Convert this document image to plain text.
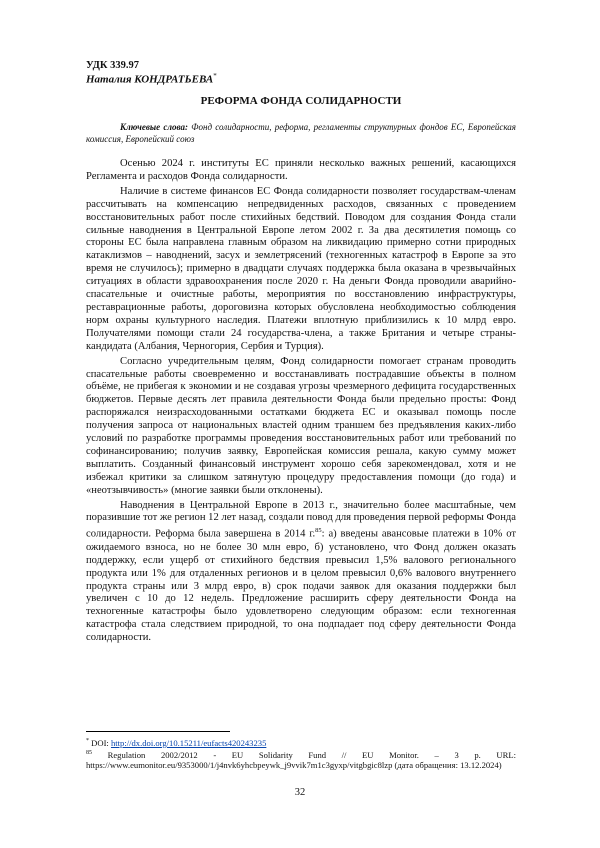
УДК 339.97
Наталия КОНДРАТЬЕВА*
РЕФОРМА ФОНДА СОЛИДАРНОСТИ
Ключевые слова: Фонд солидарности, реформа, регламенты структурных фондов ЕС, Европейская комиссия, Европейский союз

Осенью 2024 г. институты ЕС приняли несколько важных решений, касающихся Регламента и расходов Фонда солидарности.

Наличие в системе финансов ЕС Фонда солидарности позволяет государствам-членам рассчитывать на компенсацию непредвиденных расходов, связанных с проведением восстановительных работ после стихийных бедствий. Поводом для создания Фонда стали сильные наводнения в Центральной Европе летом 2002 г. За два десятилетия помощь со стороны ЕС была направлена главным образом на ликвидацию примерно сотни природных катаклизмов – наводнений, засух и землетрясений (техногенных катастроф в Европе за это время не случилось); примерно в двадцати случаях поддержка была оказана в чрезвычайных ситуациях в области здравоохранения после 2020 г. На деньги Фонда проводили аварийно-спасательные и очистные работы, мероприятия по восстановлению инфраструктуры, реставрационные работы, дороговизна которых обусловлена необходимостью соблюдения норм охраны культурного наследия. Платежи вплотную приблизились к 10 млрд евро. Получателями помощи стали 24 государства-члена, а также Британия и четыре страны-кандидата (Албания, Черногория, Сербия и Турция).

Согласно учредительным целям, Фонд солидарности помогает странам проводить спасательные работы своевременно и восстанавливать пострадавшие объекты в полном объёме, не прибегая к экономии и не создавая угрозы чрезмерного дефицита государственных бюджетов. Первые десять лет правила деятельности Фонда были предельно просты: Фонд распоряжался неизрасходованными остатками бюджета ЕС и оказывал помощь после получения запроса от национальных властей одним траншем без предъявления каких-либо условий по разработке программы проведения восстановительных работ или требований по софинансированию; получив заявку, Европейская комиссия решала, какую сумму может выплатить. Созданный финансовый инструмент хорошо себя зарекомендовал, хотя и не избежал критики за слишком затянутую процедуру предоставления помощи (до года) и «неотзывчивость» (многие заявки были отклонены).

Наводнения в Центральной Европе в 2013 г., значительно более масштабные, чем поразившие тот же регион 12 лет назад, создали повод для проведения первой реформы Фонда солидарности. Реформа была завершена в 2014 г.$^{85}$: а) введены авансовые платежи в 10% от ожидаемого взноса, но не более 30 млн евро, б) установлено, что Фонд должен оказать поддержку, если ущерб от стихийного бедствия превысил 1,5% валового регионального продукта или 1% для отдаленных регионов и в целом превысил 0,6% валового внутреннего продукта страны или 3 млрд евро, в) срок подачи заявок для оказания поддержки был увеличен с 10 до 12 недель. Предложение расширить сферу деятельности Фонда на техногенные катастрофы было удовлетворено следующим образом: если техногенная катастрофа стала следствием природной, то она подпадает под сферу деятельности Фонда солидарности.

* DOI: http://dx.doi.org/10.15211/eufacts420243235
$^{85}$ Regulation 2002/2012 - EU Solidarity Fund // EU Monitor. – 3 р. URL: https://www.eumonitor.eu/9353000/1/j4nvk6yhcbpeywk_j9vvik7m1c3gyxp/vitgbgic8lzp (дата обращения: 13.12.2024)
32
